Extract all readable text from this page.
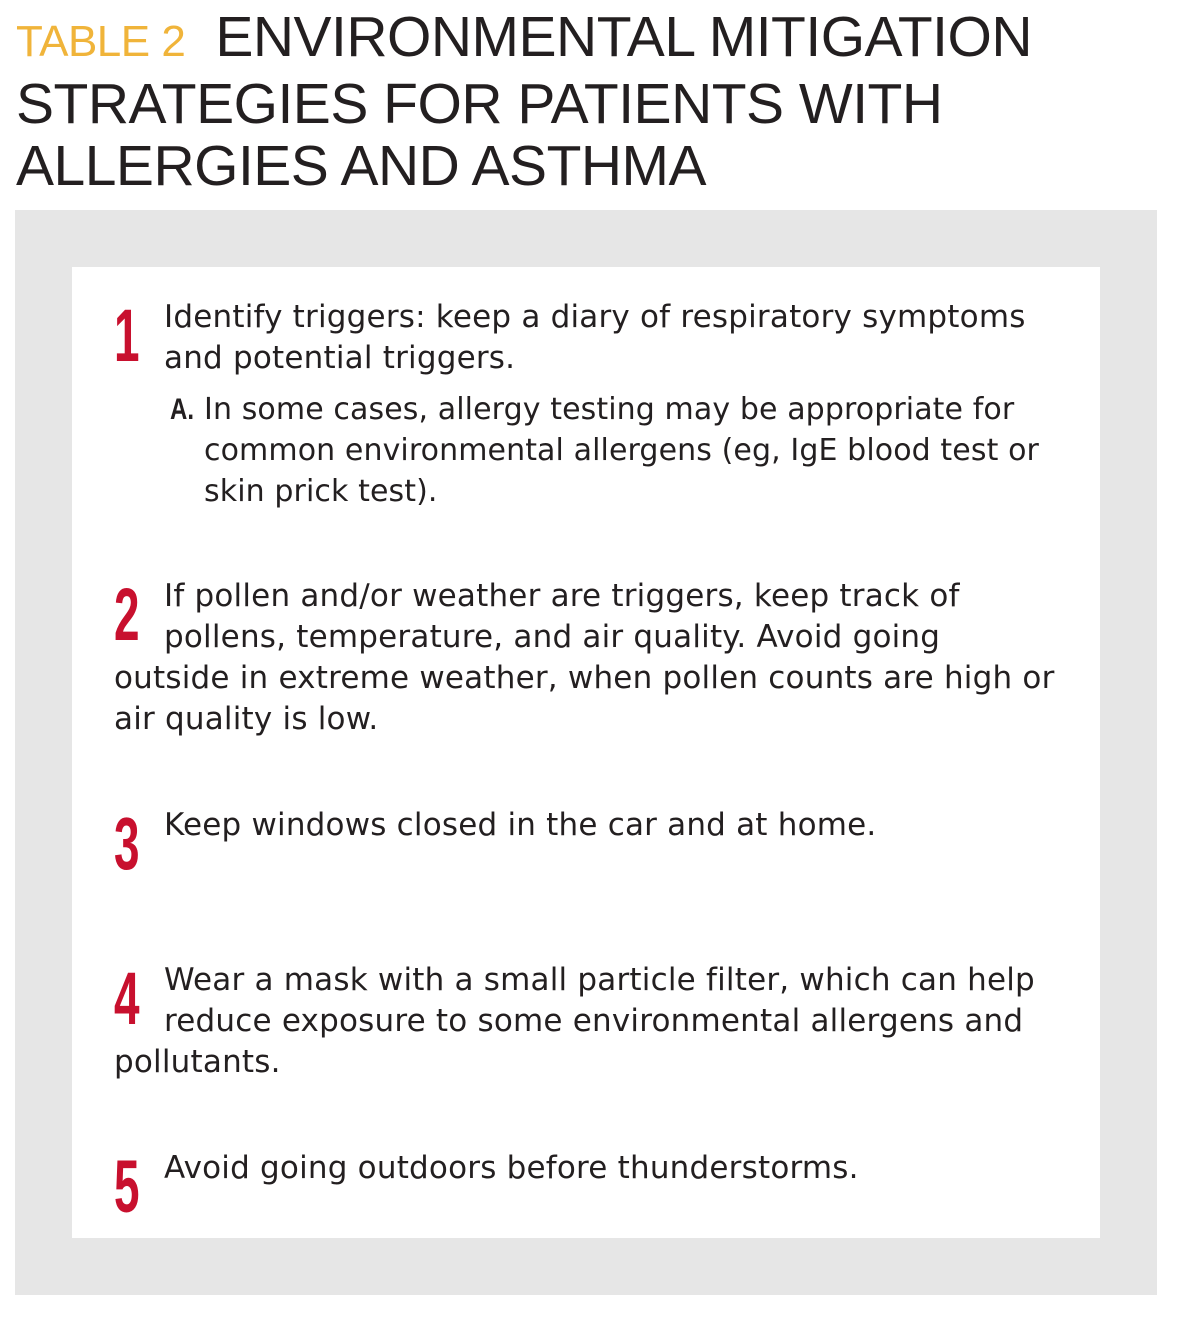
TABLE 2 ENVIRONMENTAL MITIGATION STRATEGIES FOR PATIENTS WITH ALLERGIES AND ASTHMA
1 Identify triggers: keep a diary of respiratory symptoms and potential triggers.
A. In some cases, allergy testing may be appropriate for common environmental allergens (eg, IgE blood test or skin prick test).
2 If pollen and/or weather are triggers, keep track of pollens, temperature, and air quality. Avoid going outside in extreme weather, when pollen counts are high or air quality is low.
3 Keep windows closed in the car and at home.
4 Wear a mask with a small particle filter, which can help reduce exposure to some environmental allergens and pollutants.
5 Avoid going outdoors before thunderstorms.
